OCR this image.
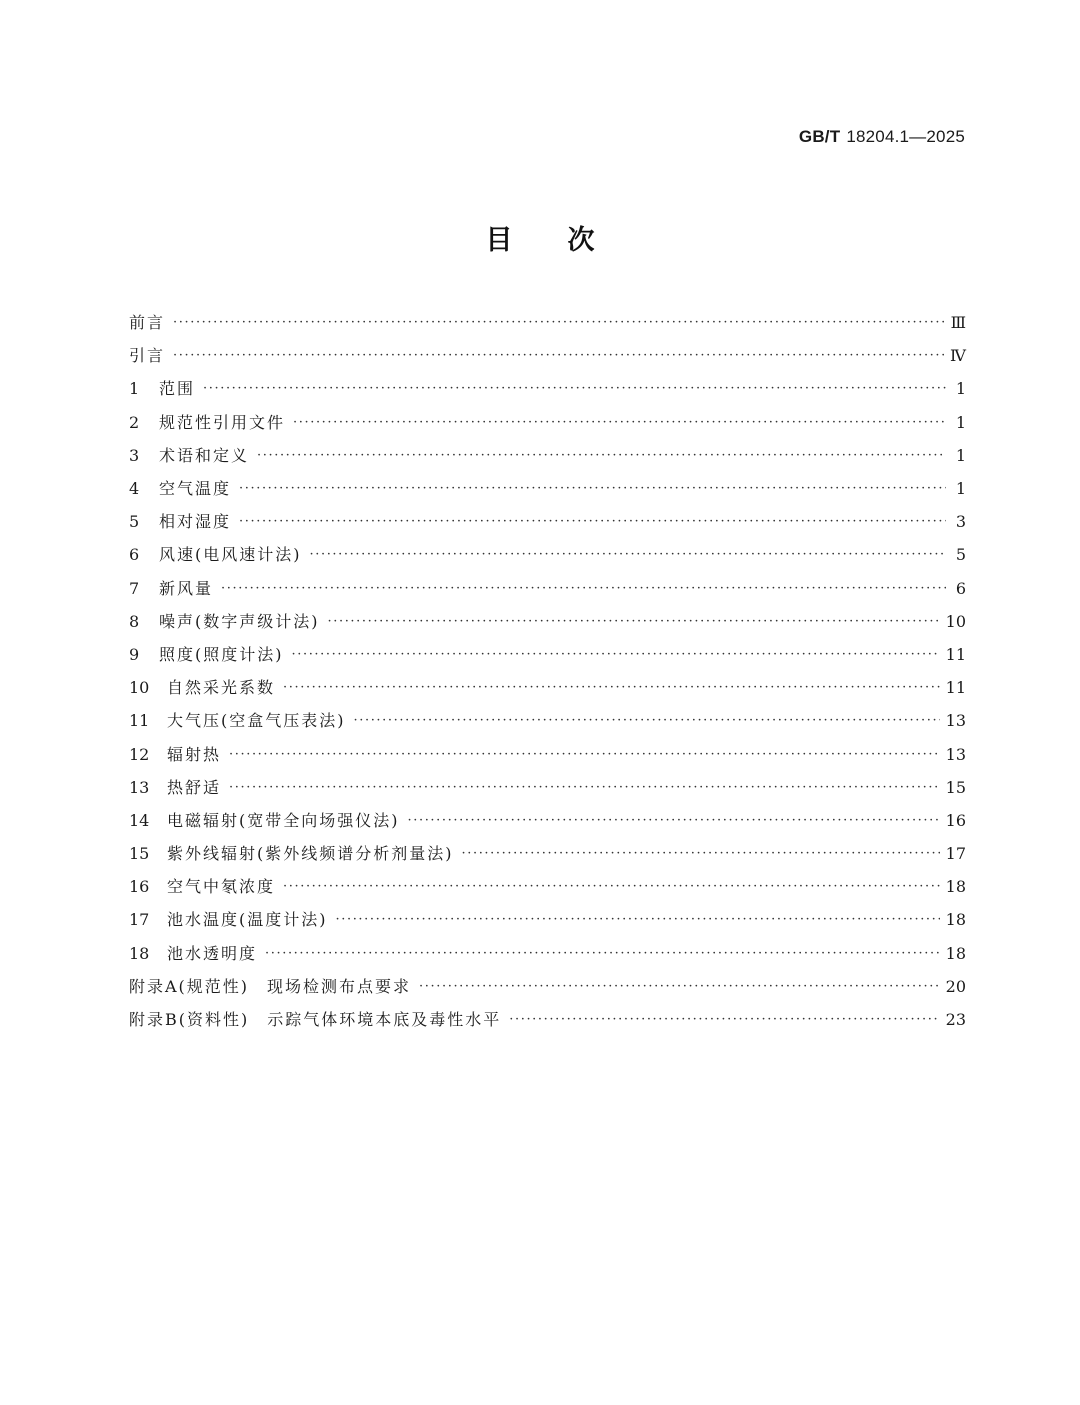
GB/T 18204.1—2025
目次
前言 ·····	Ⅲ
引言 ·····	Ⅳ
1	范围 ·····	1
2	规范性引用文件 ·····	1
3	术语和定义 ·····	1
4	空气温度 ·····	1
5	相对湿度 ·····	3
6	风速(电风速计法) ·····	5
7	新风量 ·····	6
8	噪声(数字声级计法) ·····	10
9	照度(照度计法) ·····	11
10	自然采光系数 ·····	11
11	大气压(空盒气压表法) ·····	13
12	辐射热 ·····	13
13	热舒适 ·····	15
14	电磁辐射(宽带全向场强仪法) ·····	16
15	紫外线辐射(紫外线频谱分析剂量法) ·····	17
16	空气中氡浓度 ·····	18
17	池水温度(温度计法) ·····	18
18	池水透明度 ·····	18
附录A(规范性)　现场检测布点要求 ·····	20
附录B(资料性)　示踪气体环境本底及毒性水平 ·····	23
